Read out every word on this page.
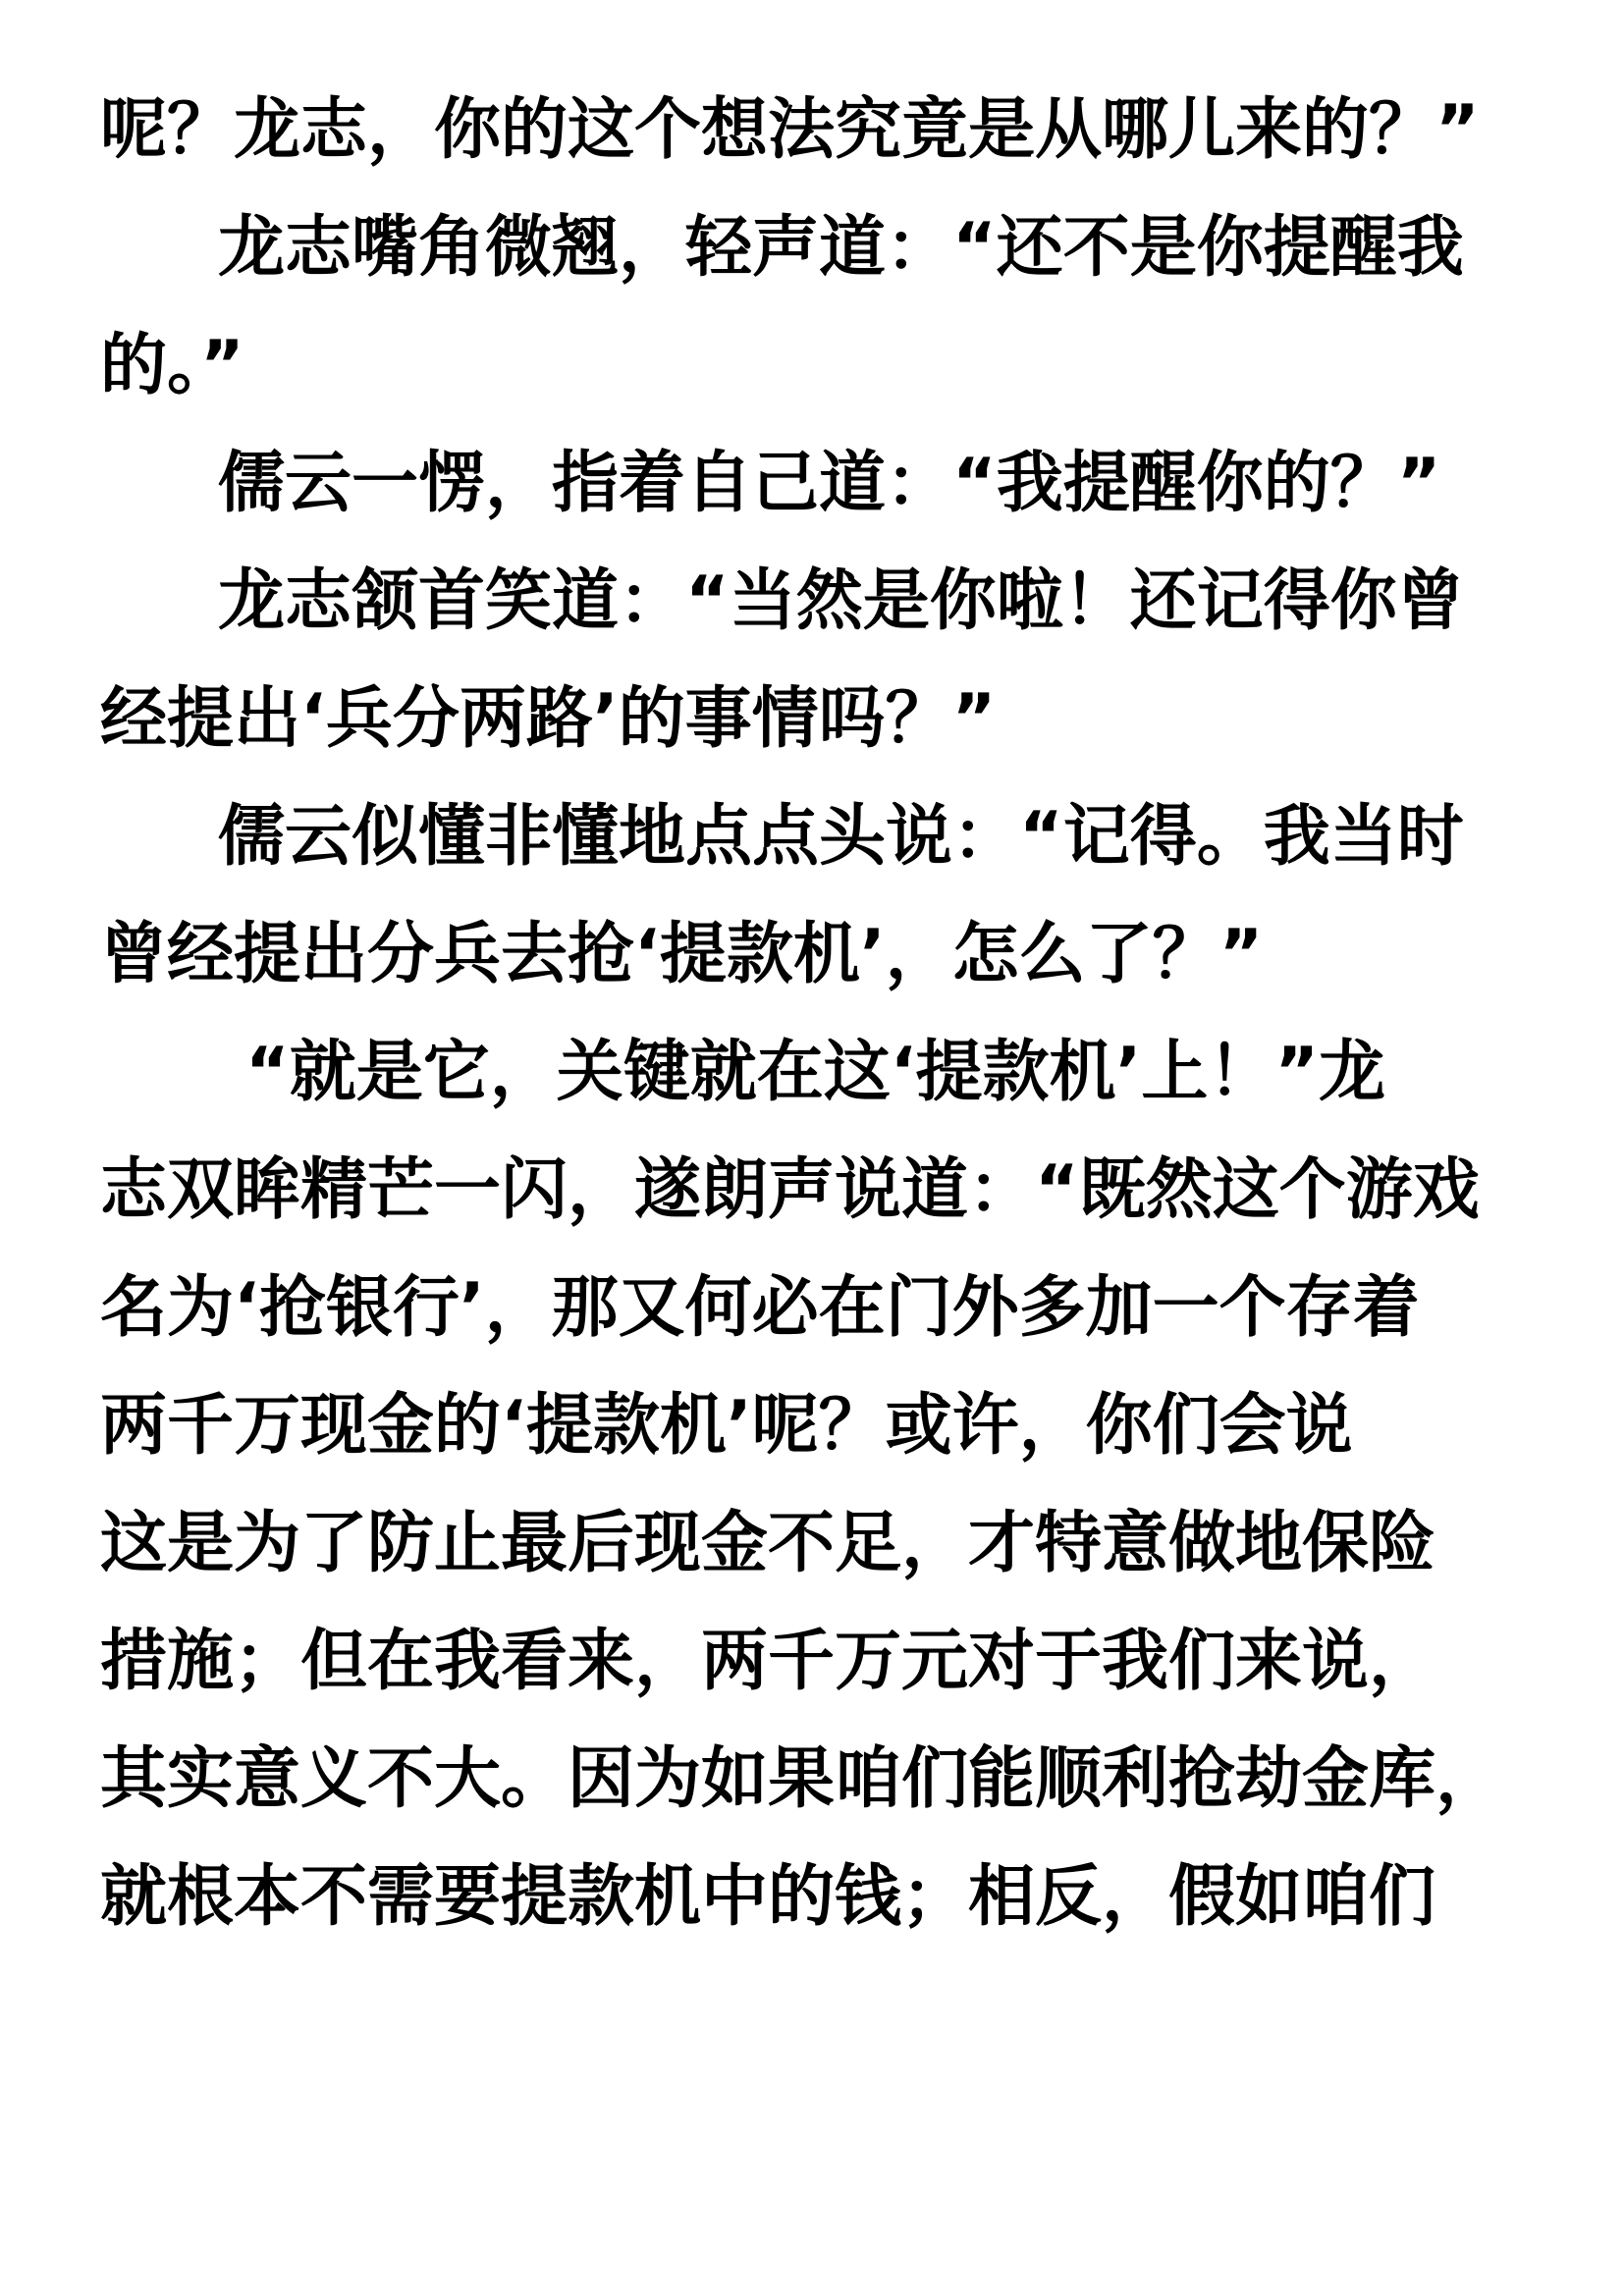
呢？龙志，你的这个想法究竟是从哪儿来的？”
龙志嘴角微翘，轻声道：“还不是你提醒我
的。”
儒云一愣，指着自己道：“我提醒你的？”
龙志颔首笑道：“当然是你啦！还记得你曾
经提出‘兵分两路’的事情吗？”
儒云似懂非懂地点点头说：“记得。我当时
曾经提出分兵去抢‘提款机’，怎么了？”
“就是它，关键就在这‘提款机’上！”龙
志双眸精芒一闪，遂朗声说道：“既然这个游戏
名为‘抢银行’，那又何必在门外多加一个存着
两千万现金的‘提款机’呢？或许，你们会说
这是为了防止最后现金不足，才特意做地保险
措施；但在我看来，两千万元对于我们来说，
其实意义不大。因为如果咱们能顺利抢劫金库，
就根本不需要提款机中的钱；相反，假如咱们
